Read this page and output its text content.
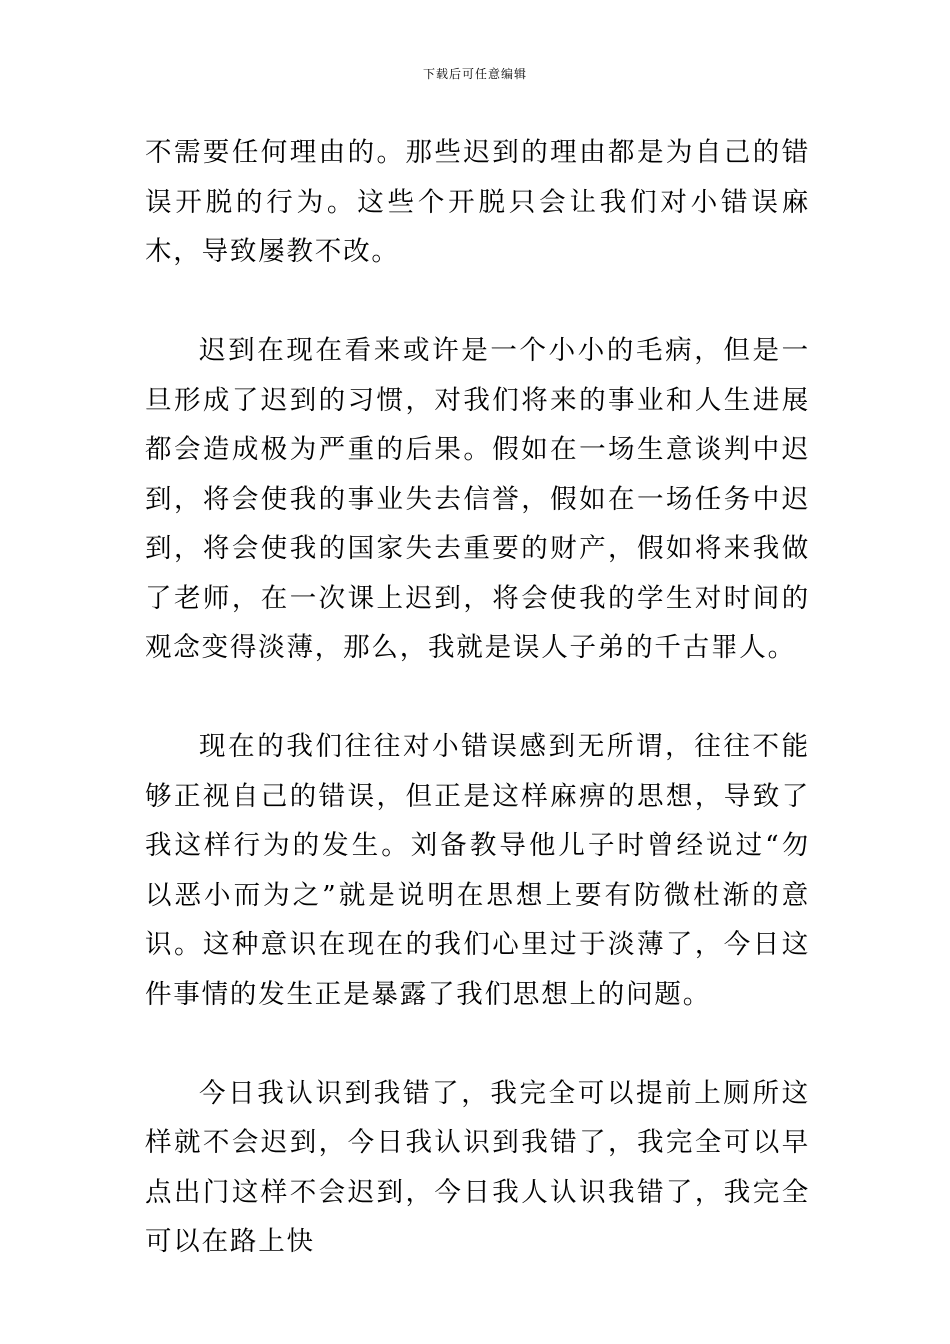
下载后可任意编辑

不需要任何理由的。那些迟到的理由都是为自己的错误开脱的行为。这些个开脱只会让我们对小错误麻木，导致屡教不改。

迟到在现在看来或许是一个小小的毛病，但是一旦形成了迟到的习惯，对我们将来的事业和人生进展都会造成极为严重的后果。假如在一场生意谈判中迟到，将会使我的事业失去信誉，假如在一场任务中迟到，将会使我的国家失去重要的财产，假如将来我做了老师，在一次课上迟到，将会使我的学生对时间的观念变得淡薄，那么，我就是误人子弟的千古罪人。

现在的我们往往对小错误感到无所谓，往往不能够正视自己的错误，但正是这样麻痹的思想，导致了我这样行为的发生。刘备教导他儿子时曾经说过“勿以恶小而为之”就是说明在思想上要有防微杜渐的意识。这种意识在现在的我们心里过于淡薄了，今日这件事情的发生正是暴露了我们思想上的问题。

今日我认识到我错了，我完全可以提前上厕所这样就不会迟到，今日我认识到我错了，我完全可以早点出门这样不会迟到，今日我人认识我错了，我完全可以在路上快
